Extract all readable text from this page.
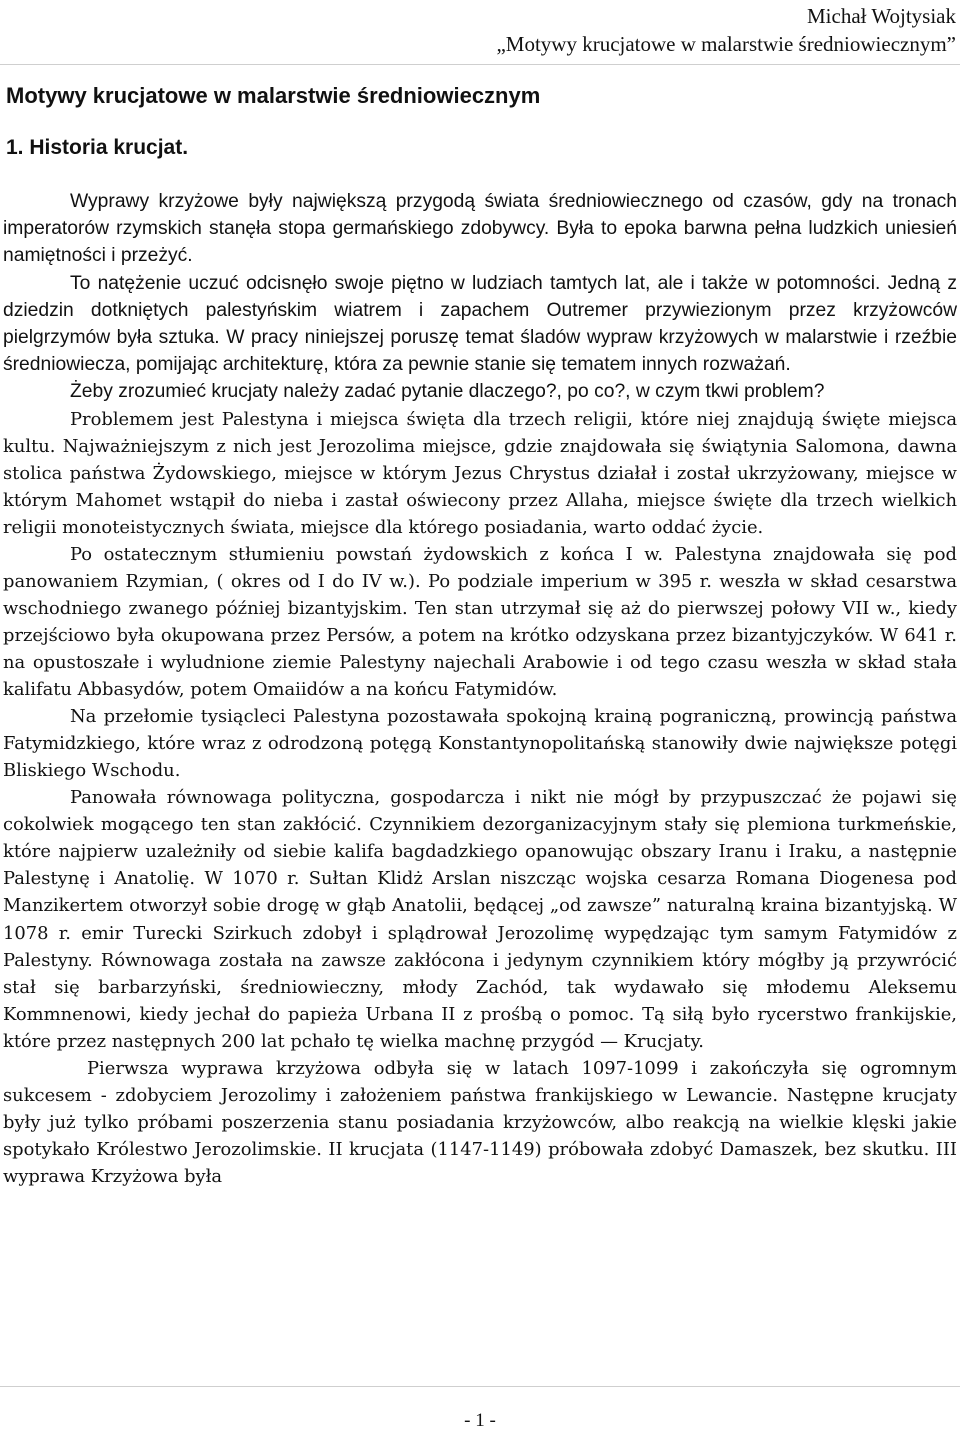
Michał Wojtysiak
„Motywy krucjatowe w malarstwie średniowiecznym”
Motywy krucjatowe w malarstwie średniowiecznym
1. Historia krucjat.

Wyprawy krzyżowe były największą przygodą świata średniowiecznego od czasów, gdy na tronach imperatorów rzymskich stanęła stopa germańskiego zdobywcy. Była to epoka barwna pełna ludzkich uniesień namiętności i przeżyć.

To natężenie uczuć odcisnęło swoje piętno w ludziach tamtych lat, ale i także w potomności. Jedną z dziedzin dotkniętych palestyńskim wiatrem i zapachem Outremer przywiezionym przez krzyżowców pielgrzymów była sztuka. W pracy niniejszej poruszę temat śladów wypraw krzyżowych w malarstwie i rzeźbie średniowiecza, pomijając architekturę, która za pewnie stanie się tematem innych rozważań.

Żeby zrozumieć krucjaty należy zadać pytanie dlaczego?, po co?, w czym tkwi problem?

Problemem jest Palestyna i miejsca święta dla trzech religii, które niej znajdują święte miejsca kultu. Najważniejszym z nich jest Jerozolima miejsce, gdzie znajdowała się świątynia Salomona, dawna stolica państwa Żydowskiego, miejsce w którym Jezus Chrystus działał i został ukrzyżowany, miejsce w którym Mahomet wstąpił do nieba i zastał oświecony przez Allaha, miejsce święte dla trzech wielkich religii monoteistycznych świata, miejsce dla którego posiadania, warto oddać życie.

Po ostatecznym stłumieniu powstań żydowskich z końca I w. Palestyna znajdowała się pod panowaniem Rzymian, ( okres od I do IV w.). Po podziale imperium w 395 r. weszła w skład cesarstwa wschodniego zwanego później bizantyjskim. Ten stan utrzymał się aż do pierwszej połowy VII w., kiedy przejściowo była okupowana przez Persów, a potem na krótko odzyskana przez bizantyjczyków. W 641 r. na opustoszałe i wyludnione ziemie Palestyny najechali Arabowie i od tego czasu weszła w skład stała kalifatu Abbasydów, potem Omaiidów a na końcu Fatymidów.

Na przełomie tysiącleci Palestyna pozostawała spokojną krainą pograniczną, prowincją państwa Fatymidzkiego, które wraz z odrodzoną potęgą Konstantynopolitańską stanowiły dwie największe potęgi Bliskiego Wschodu.

Panowała równowaga polityczna, gospodarcza i nikt nie mógł by przypuszczać że pojawi się cokolwiek mogącego ten stan zakłócić. Czynnikiem dezorganizacyjnym stały się plemiona turkmeńskie, które najpierw uzależniły od siebie kalifa bagdadzkiego opanowując obszary Iranu i Iraku, a następnie Palestynę i Anatolię. W 1070 r. Sułtan Klidż Arslan niszcząc wojska cesarza Romana Diogenesa pod Manzikertem otworzył sobie drogę w głąb Anatolii, będącej „od zawsze” naturalną kraina bizantyjską. W 1078 r. emir Turecki Szirkuch zdobył i splądrował Jerozolimę wypędzając tym samym Fatymidów z Palestyny. Równowaga została na zawsze zakłócona i jedynym czynnikiem który mógłby ją przywrócić stał się barbarzyński, średniowieczny, młody Zachód, tak wydawało się młodemu Aleksemu Kommnenowi, kiedy jechał do papieża Urbana II z prośbą o pomoc. Tą siłą było rycerstwo frankijskie, które przez następnych 200 lat pchało tę wielka machnę przygód — Krucjaty.

Pierwsza wyprawa krzyżowa odbyła się w latach 1097-1099 i zakończyła się ogromnym sukcesem - zdobyciem Jerozolimy i założeniem państwa frankijskiego w Lewancie. Następne krucjaty były już tylko próbami poszerzenia stanu posiadania krzyżowców, albo reakcją na wielkie klęski jakie spotykało Królestwo Jerozolimskie. II krucjata (1147-1149) próbowała zdobyć Damaszek, bez skutku. III wyprawa Krzyżowa była

- 1 -
